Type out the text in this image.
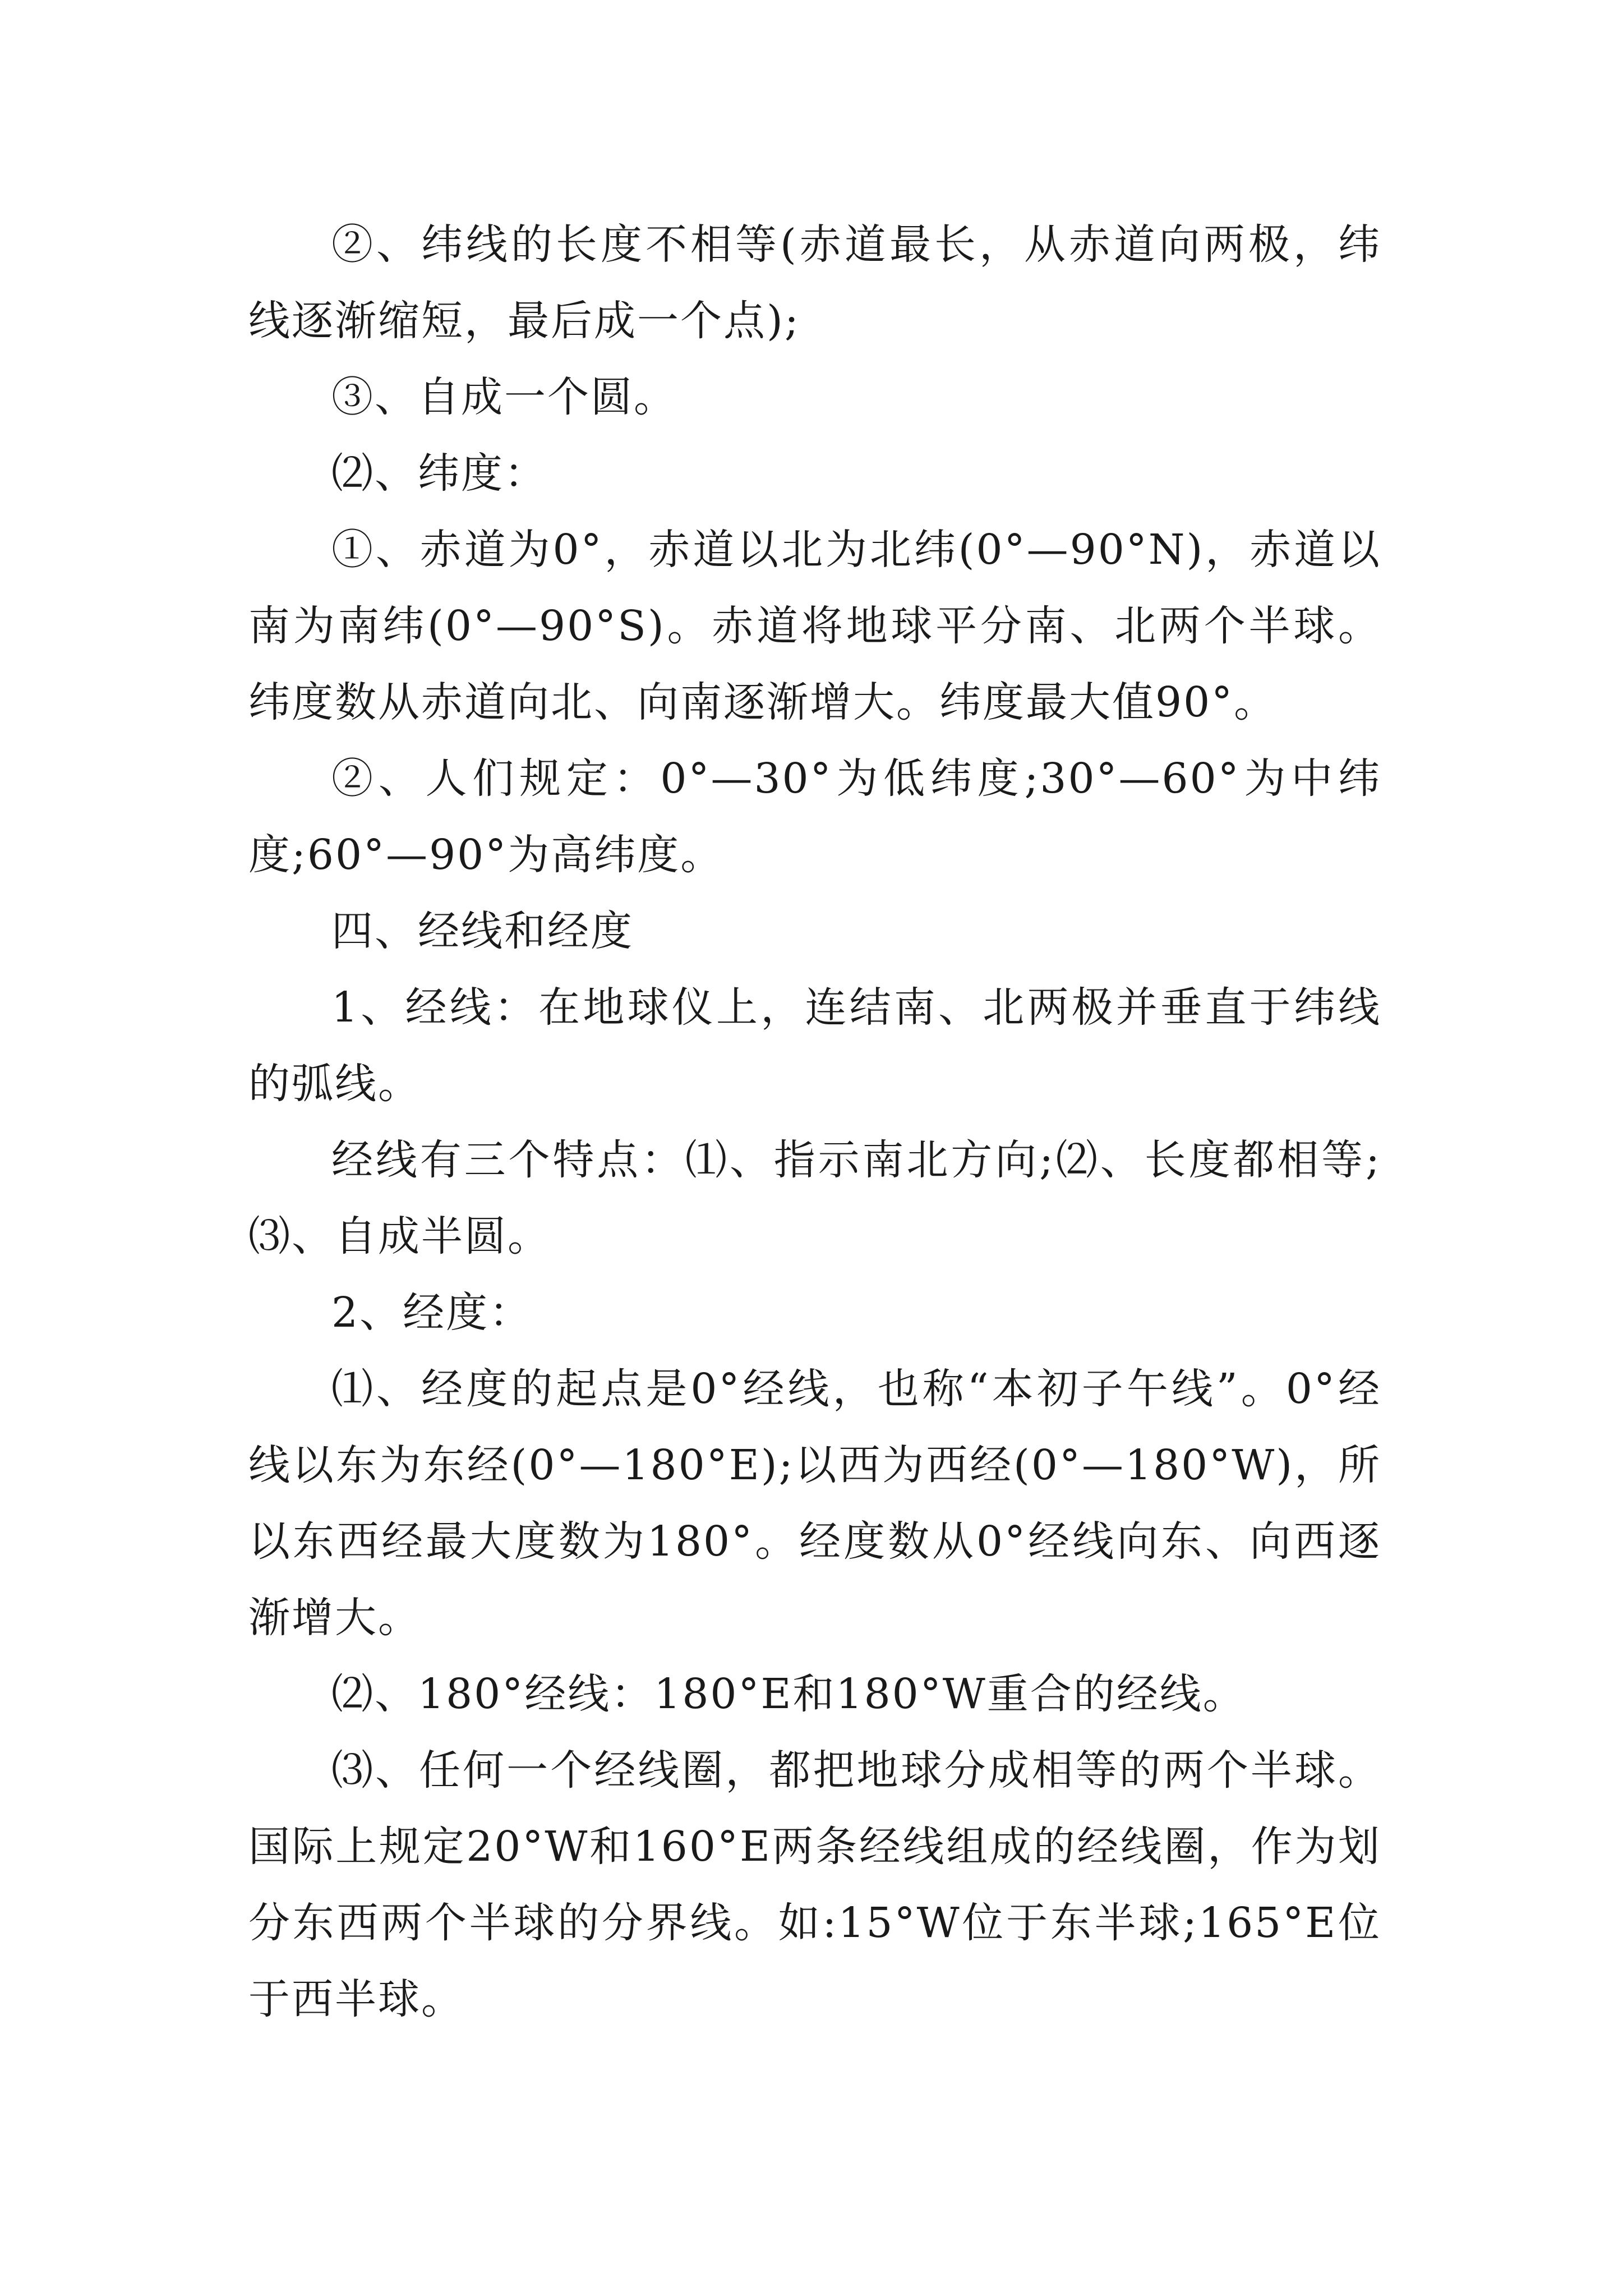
②、纬线的长度不相等(赤道最长，从赤道向两极，纬线逐渐缩短，最后成一个点);

③、自成一个圆。

⑵、纬度：

①、赤道为0°，赤道以北为北纬(0°—90°N)，赤道以南为南纬(0°—90°S)。赤道将地球平分南、北两个半球。纬度数从赤道向北、向南逐渐增大。纬度最大值90°。

②、人们规定：0°—30°为低纬度;30°—60°为中纬度;60°—90°为高纬度。

四、经线和经度

1、经线：在地球仪上，连结南、北两极并垂直于纬线的弧线。

经线有三个特点：⑴、指示南北方向;⑵、长度都相等;⑶、自成半圆。

2、经度：

⑴、经度的起点是0°经线，也称“本初子午线”。0°经线以东为东经(0°—180°E);以西为西经(0°—180°W)，所以东西经最大度数为180°。经度数从0°经线向东、向西逐渐增大。

⑵、180°经线：180°E和180°W重合的经线。

⑶、任何一个经线圈，都把地球分成相等的两个半球。国际上规定20°W和160°E两条经线组成的经线圈，作为划分东西两个半球的分界线。如:15°W位于东半球;165°E位于西半球。
